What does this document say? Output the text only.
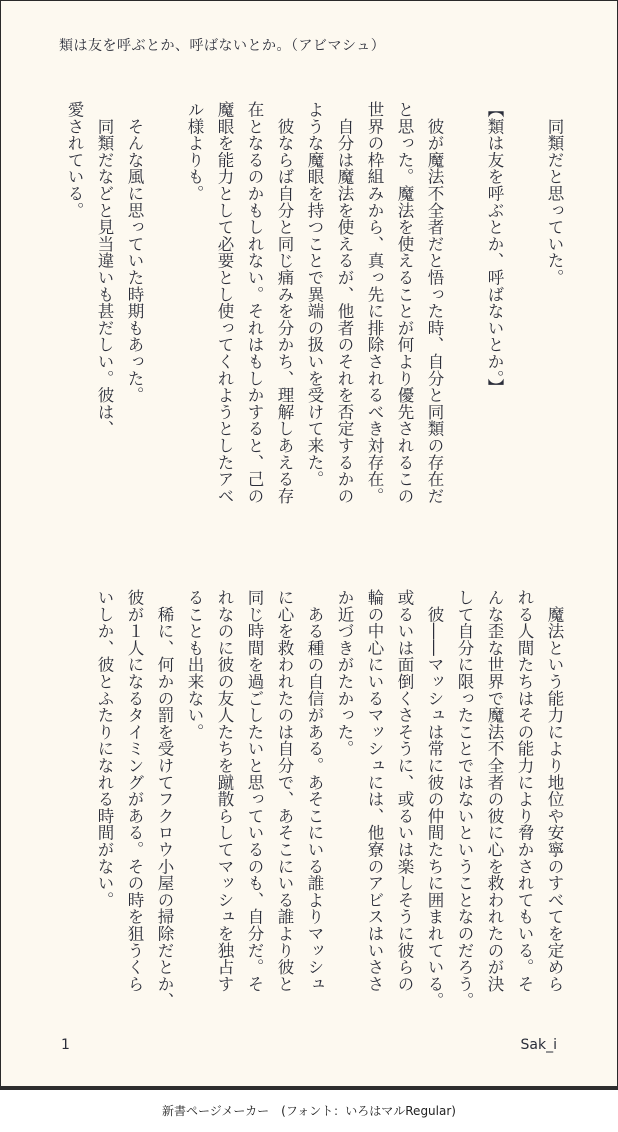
類は友を呼ぶとか、呼ばないとか。（アビマシュ）
　同類だと思っていた。

【類は友を呼ぶとか、呼ばないとか。】

　彼が魔法不全者だと悟った時、自分と同類の存在だ
と思った。魔法を使えることが何より優先されるこの
世界の枠組みから、真っ先に排除されるべき対存在。
　自分は魔法を使えるが、他者のそれを否定するかの
ような魔眼を持つことで異端の扱いを受けて来た。
　彼ならば自分と同じ痛みを分かち、理解しあえる存
在となるのかもしれない。それはもしかすると、己の
魔眼を能力として必要とし使ってくれようとしたアベ
ル様よりも。

　そんな風に思っていた時期もあった。
　同類だなどと見当違いも甚だしい。彼は、
愛されている。
　魔法という能力により地位や安寧のすべてを定めら
れる人間たちはその能力により脅かされてもいる。そ
んな歪な世界で魔法不全者の彼に心を救われたのが決
して自分に限ったことではないということなのだろう。
　彼――マッシュは常に彼の仲間たちに囲まれている。
或るいは面倒くさそうに、或るいは楽しそうに彼らの
輪の中心にいるマッシュには、他寮のアビスはいささ
か近づきがたかった。
　ある種の自信がある。あそこにいる誰よりマッシュ
に心を救われたのは自分で、あそこにいる誰より彼と
同じ時間を過ごしたいと思っているのも、自分だ。そ
れなのに彼の友人たちを蹴散らしてマッシュを独占す
ることも出来ない。
　稀に、何かの罰を受けてフクロウ小屋の掃除だとか、
彼が１人になるタイミングがある。その時を狙うくら
いしか、彼とふたりになれる時間がない。
1	Sak_i
新書ページメーカー　(フォント：いろはマルRegular)
